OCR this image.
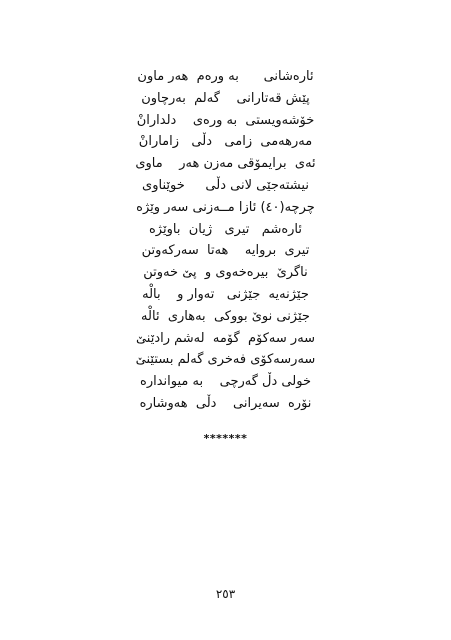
ئارەشانی      بە ورەم  هەر ماون

پێش قەتارانی    گەلم  بەرچاون

خۆشەویستی  بە ورەی    دلدارانْ

مەرهەمی  زامی   دڵی   زامارانْ

ئەی  برایمۆقی مەزن هەر    ماوی

نیشتەجێی لانی دڵی     خوێناوی

چرچە(٤٠) ئازا مــەزنی سەر وێژە

ئارەشم   تیری   ژیان  باوێژە

تیری  بروایە    هەتا  سەرکەوتن

ناگرێ  بیرەخەوی و  پێ خەوتن

جێژنەیە  جێژنی   تەوار و    بالْە

جێژنی نوێ بووکی  بەهاری  ئالْە

سەر سەکۆم  گۆمە  لەشم رادێنێ

سەرسەکۆی فەخری گەلم بستێنێ

خولی دڵ گەرچی    بە میواندارە

نۆرە  سەیرانی    دڵی  هەوشارە

*******
٢٥٣
